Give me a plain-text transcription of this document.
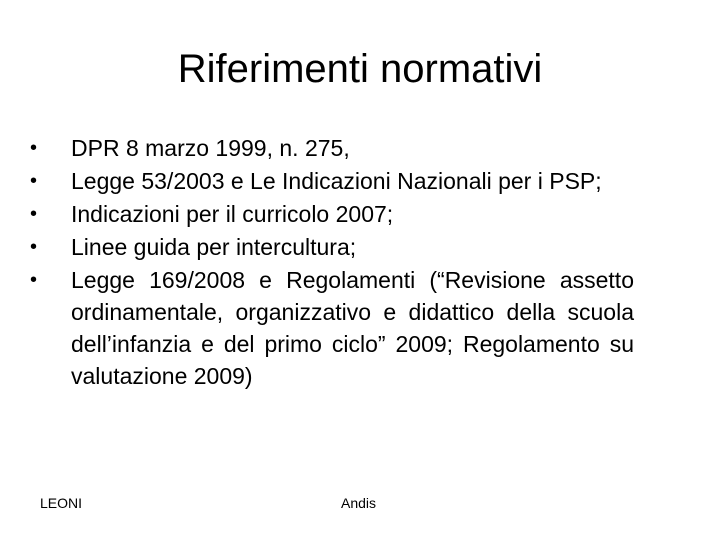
Riferimenti normativi
•	DPR 8 marzo 1999, n. 275,
•	Legge 53/2003 e Le Indicazioni Nazionali per i PSP;
•	Indicazioni per il curricolo 2007;
•	Linee guida per intercultura;
•	Legge 169/2008 e Regolamenti (“Revisione assetto ordinamentale, organizzativo e didattico della scuola dell’infanzia e del primo ciclo” 2009; Regolamento su valutazione 2009)
LEONI	Andis
